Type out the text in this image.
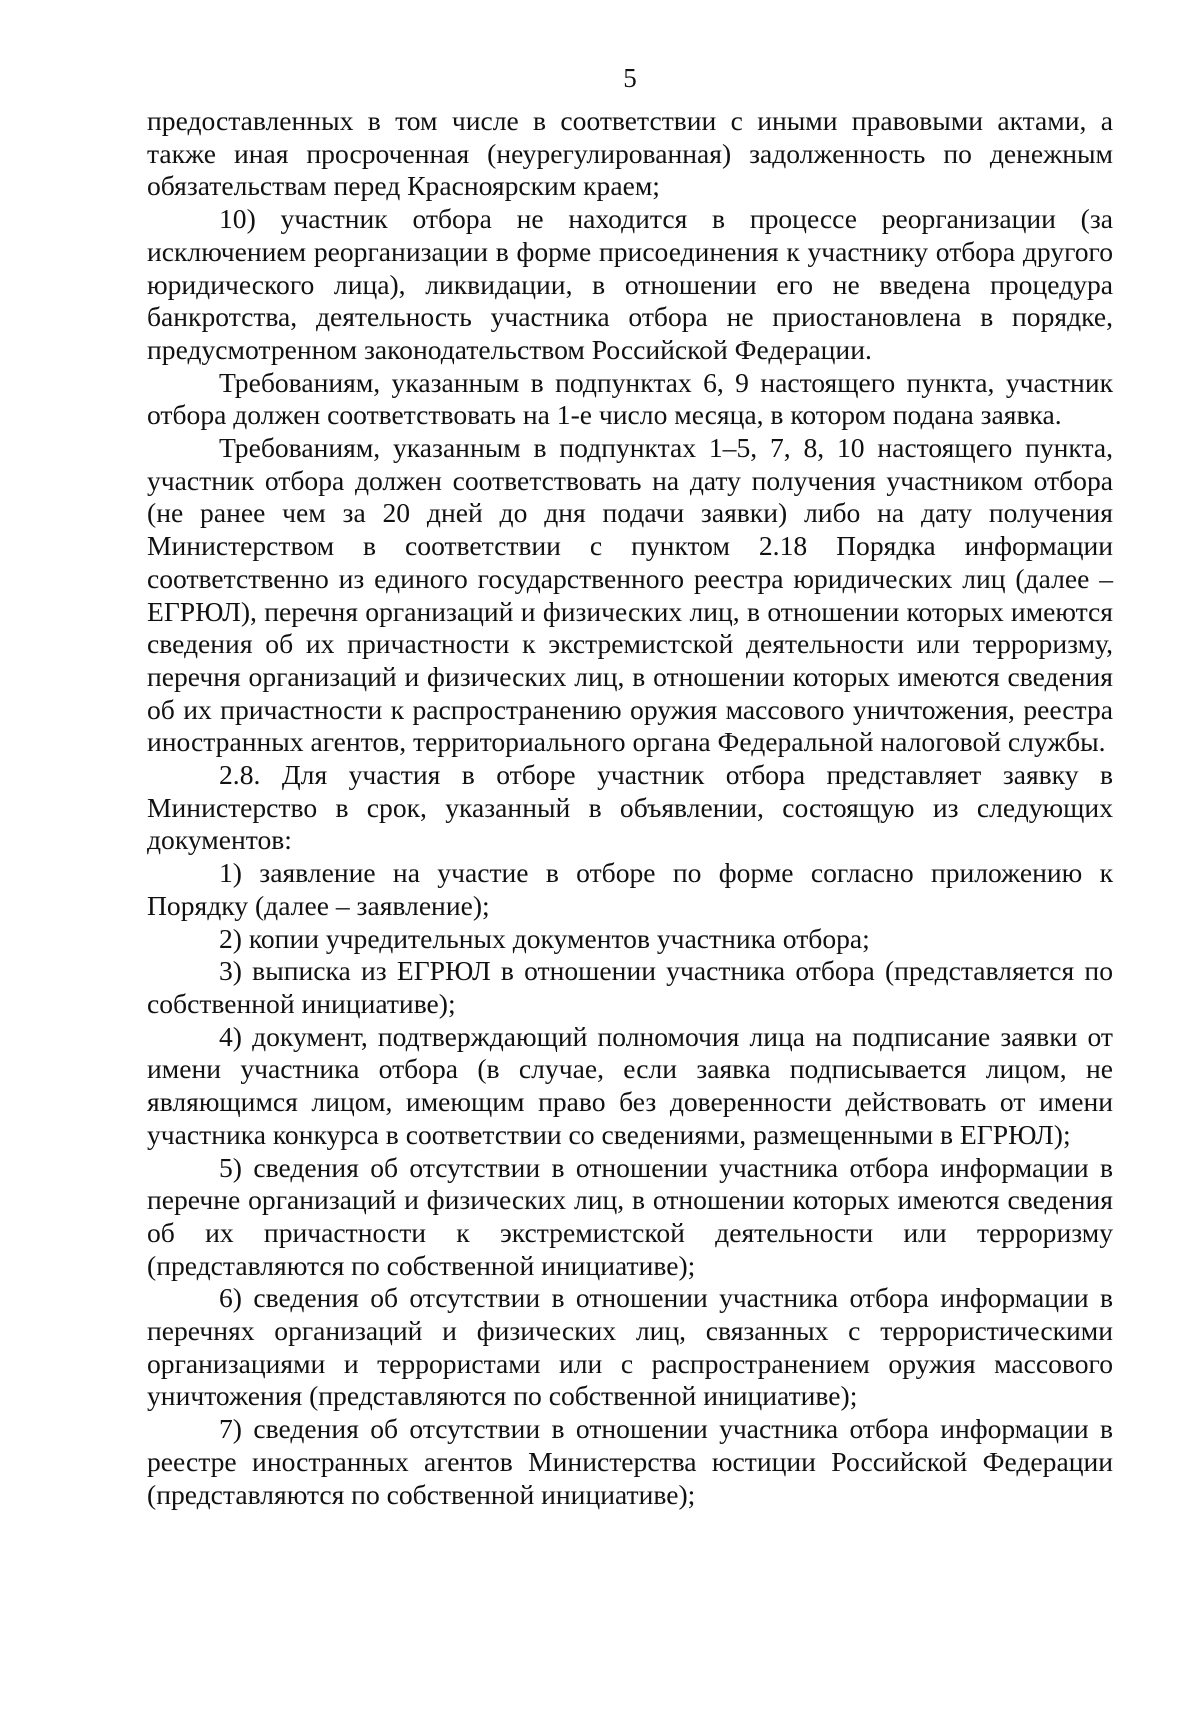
5

предоставленных в том числе в соответствии с иными правовыми актами, а также иная просроченная (неурегулированная) задолженность по денежным обязательствам перед Красноярским краем;

10) участник отбора не находится в процессе реорганизации (за исключением реорганизации в форме присоединения к участнику отбора другого юридического лица), ликвидации, в отношении его не введена процедура банкротства, деятельность участника отбора не приостановлена в порядке, предусмотренном законодательством Российской Федерации.

Требованиям, указанным в подпунктах 6, 9 настоящего пункта, участник отбора должен соответствовать на 1-е число месяца, в котором подана заявка.

Требованиям, указанным в подпунктах 1–5, 7, 8, 10 настоящего пункта, участник отбора должен соответствовать на дату получения участником отбора (не ранее чем за 20 дней до дня подачи заявки) либо на дату получения Министерством в соответствии с пунктом 2.18 Порядка информации соответственно из единого государственного реестра юридических лиц (далее – ЕГРЮЛ), перечня организаций и физических лиц, в отношении которых имеются сведения об их причастности к экстремистской деятельности или терроризму, перечня организаций и физических лиц, в отношении которых имеются сведения об их причастности к распространению оружия массового уничтожения, реестра иностранных агентов, территориального органа Федеральной налоговой службы.

2.8. Для участия в отборе участник отбора представляет заявку в Министерство в срок, указанный в объявлении, состоящую из следующих документов:

1) заявление на участие в отборе по форме согласно приложению к Порядку (далее – заявление);

2) копии учредительных документов участника отбора;

3) выписка из ЕГРЮЛ в отношении участника отбора (представляется по собственной инициативе);

4) документ, подтверждающий полномочия лица на подписание заявки от имени участника отбора (в случае, если заявка подписывается лицом, не являющимся лицом, имеющим право без доверенности действовать от имени участника конкурса в соответствии со сведениями, размещенными в ЕГРЮЛ);

5) сведения об отсутствии в отношении участника отбора информации в перечне организаций и физических лиц, в отношении которых имеются сведения об их причастности к экстремистской деятельности или терроризму (представляются по собственной инициативе);

6) сведения об отсутствии в отношении участника отбора информации в перечнях организаций и физических лиц, связанных с террористическими организациями и террористами или с распространением оружия массового уничтожения (представляются по собственной инициативе);

7) сведения об отсутствии в отношении участника отбора информации в реестре иностранных агентов Министерства юстиции Российской Федерации (представляются по собственной инициативе);
